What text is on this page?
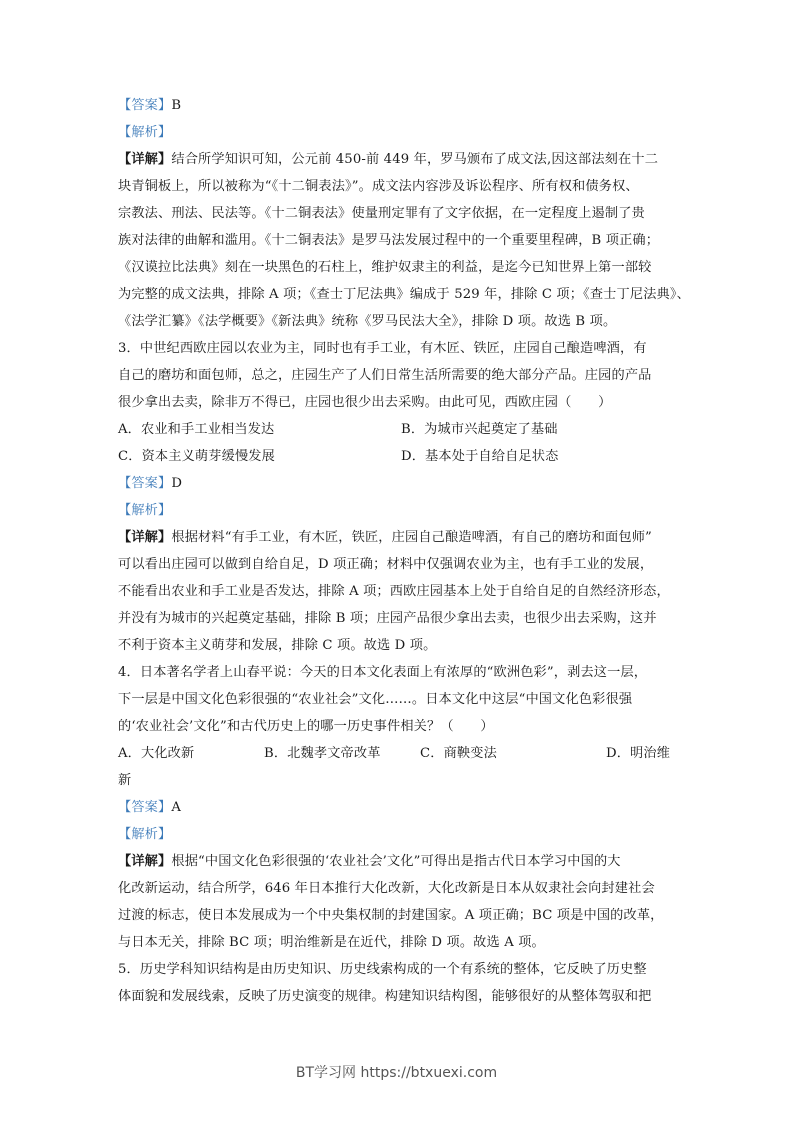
【答案】B
【解析】
【详解】结合所学知识可知，公元前 450-前 449 年，罗马颁布了成文法,因这部法刻在十二
块青铜板上，所以被称为“《十二铜表法》”。成文法内容涉及诉讼程序、所有权和债务权、
宗教法、刑法、民法等。《十二铜表法》使量刑定罪有了文字依据，在一定程度上遏制了贵
族对法律的曲解和滥用。《十二铜表法》是罗马法发展过程中的一个重要里程碑，B 项正确；
《汉谟拉比法典》刻在一块黑色的石柱上，维护奴隶主的利益，是迄今已知世界上第一部较
为完整的成文法典，排除 A 项；《查士丁尼法典》编成于 529 年，排除 C 项；《查士丁尼法典》、
《法学汇纂》《法学概要》《新法典》统称《罗马民法大全》，排除 D 项。故选 B 项。
3．中世纪西欧庄园以农业为主，同时也有手工业，有木匠、铁匠，庄园自己酿造啤酒，有
自己的磨坊和面包师，总之，庄园生产了人们日常生活所需要的绝大部分产品。庄园的产品
很少拿出去卖，除非万不得已，庄园也很少出去采购。由此可见，西欧庄园（　　）
A．农业和手工业相当发达	B．为城市兴起奠定了基础
C．资本主义萌芽缓慢发展	D．基本处于自给自足状态
【答案】D
【解析】
【详解】根据材料“有手工业，有木匠，铁匠，庄园自己酿造啤酒，有自己的磨坊和面包师”
可以看出庄园可以做到自给自足，D 项正确；材料中仅强调农业为主，也有手工业的发展，
不能看出农业和手工业是否发达，排除 A 项；西欧庄园基本上处于自给自足的自然经济形态，
并没有为城市的兴起奠定基础，排除 B 项；庄园产品很少拿出去卖，也很少出去采购，这并
不利于资本主义萌芽和发展，排除 C 项。故选 D 项。
4．日本著名学者上山春平说：今天的日本文化表面上有浓厚的“欧洲色彩”，剥去这一层，
下一层是中国文化色彩很强的“农业社会”文化……。日本文化中这层“中国文化色彩很强
的‘农业社会’文化”和古代历史上的哪一历史事件相关？（　　）
A．大化改新	B．北魏孝文帝改革	C．商鞅变法	D．明治维
新
【答案】A
【解析】
【详解】根据“中国文化色彩很强的‘农业社会’文化”可得出是指古代日本学习中国的大
化改新运动，结合所学，646 年日本推行大化改新，大化改新是日本从奴隶社会向封建社会
过渡的标志，使日本发展成为一个中央集权制的封建国家。A 项正确；BC 项是中国的改革，
与日本无关，排除 BC 项；明治维新是在近代，排除 D 项。故选 A 项。
5．历史学科知识结构是由历史知识、历史线索构成的一个有系统的整体，它反映了历史整
体面貌和发展线索，反映了历史演变的规律。构建知识结构图，能够很好的从整体驾驭和把
BT学习网 https://btxuexi.com
